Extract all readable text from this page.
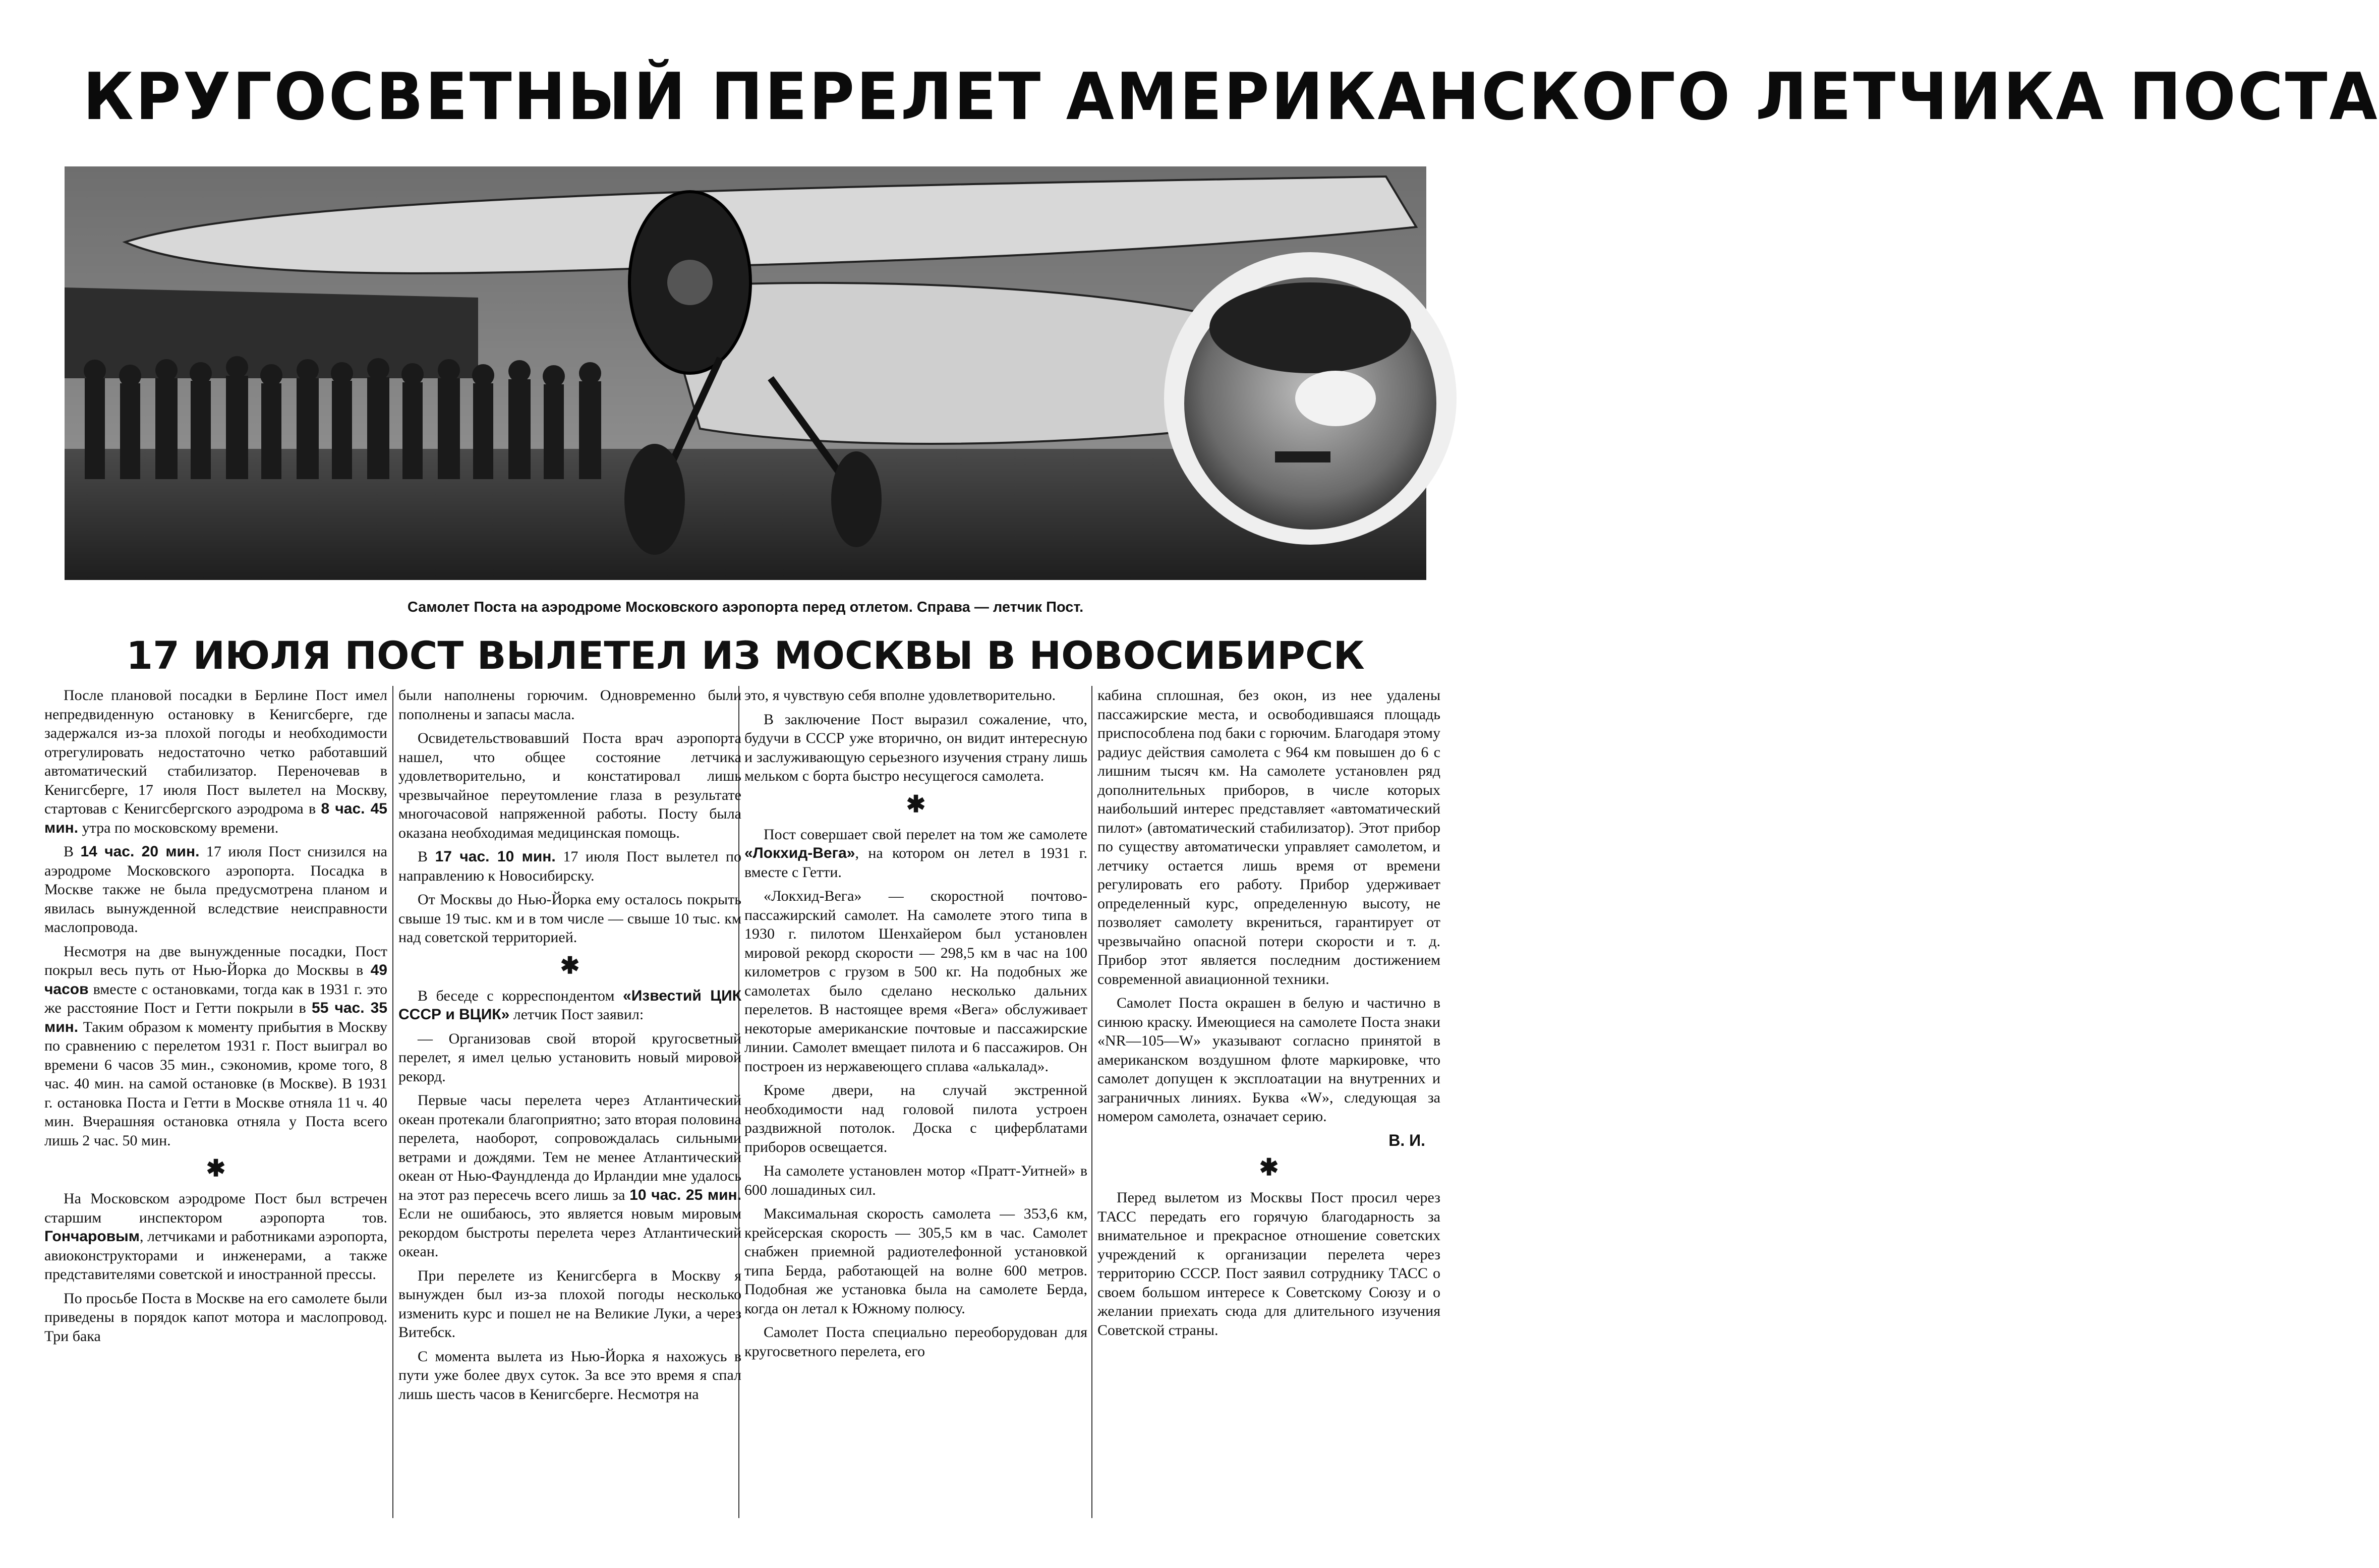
КРУГОСВЕТНЫЙ ПЕРЕЛЕТ АМЕРИКАНСКОГО ЛЕТЧИКА ПОСТА
Самолет Поста на аэродроме Московского аэропорта перед отлетом. Справа — летчик Пост.
17 ИЮЛЯ ПОСТ ВЫЛЕТЕЛ ИЗ МОСКВЫ В НОВОСИБИРСК

После плановой посадки в Берлине Пост имел непредвиденную остановку в Кенигсберге, где задержался из-за плохой погоды и необходимости отрегулировать недостаточно четко работавший автоматический стабилизатор. Переночевав в Кенигсберге, 17 июля Пост вылетел на Москву, стартовав с Кенигсбергского аэродрома в 8 час. 45 мин. утра по московскому времени.

В 14 час. 20 мин. 17 июля Пост снизился на аэродроме Московского аэропорта. Посадка в Москве также не была предусмотрена планом и явилась вынужденной вследствие неисправности маслопровода.

Несмотря на две вынужденные посадки, Пост покрыл весь путь от Нью-Йорка до Москвы в 49 часов вместе с остановками, тогда как в 1931 г. это же расстояние Пост и Гетти покрыли в 55 час. 35 мин. Таким образом к моменту прибытия в Москву по сравнению с перелетом 1931 г. Пост выиграл во времени 6 часов 35 мин., сэкономив, кроме того, 8 час. 40 мин. на самой остановке (в Москве). В 1931 г. остановка Поста и Гетти в Москве отняла 11 ч. 40 мин. Вчерашняя остановка отняла у Поста всего лишь 2 час. 50 мин.

✱

На Московском аэродроме Пост был встречен старшим инспектором аэропорта тов. Гончаровым, летчиками и работниками аэропорта, авиоконструкторами и инженерами, а также представителями советской и иностранной прессы.

По просьбе Поста в Москве на его самолете были приведены в порядок капот мотора и маслопровод. Три бака

были наполнены горючим. Одновременно были пополнены и запасы масла.

Освидетельствовавший Поста врач аэропорта нашел, что общее состояние летчика удовлетворительно, и констатировал лишь чрезвычайное переутомление глаза в результате многочасовой напряженной работы. Посту была оказана необходимая медицинская помощь.

В 17 час. 10 мин. 17 июля Пост вылетел по направлению к Новосибирску.

От Москвы до Нью-Йорка ему осталось покрыть свыше 19 тыс. км и в том числе — свыше 10 тыс. км над советской территорией.

✱

В беседе с корреспондентом «Известий ЦИК СССР и ВЦИК» летчик Пост заявил:

— Организовав свой второй кругосветный перелет, я имел целью установить новый мировой рекорд.

Первые часы перелета через Атлантический океан протекали благоприятно; зато вторая половина перелета, наоборот, сопровождалась сильными ветрами и дождями. Тем не менее Атлантический океан от Нью-Фаундленда до Ирландии мне удалось на этот раз пересечь всего лишь за 10 час. 25 мин. Если не ошибаюсь, это является новым мировым рекордом быстроты перелета через Атлантический океан.

При перелете из Кенигсберга в Москву я вынужден был из-за плохой погоды несколько изменить курс и пошел не на Великие Луки, а через Витебск.

С момента вылета из Нью-Йорка я нахожусь в пути уже более двух суток. За все это время я спал лишь шесть часов в Кенигсберге. Несмотря на

это, я чувствую себя вполне удовлетворительно.

В заключение Пост выразил сожаление, что, будучи в СССР уже вторично, он видит интересную и заслуживающую серьезного изучения страну лишь мельком с борта быстро несущегося самолета.

✱

Пост совершает свой перелет на том же самолете «Локхид-Вега», на котором он летел в 1931 г. вместе с Гетти.

«Локхид-Вега» — скоростной почтово-пассажирский самолет. На самолете этого типа в 1930 г. пилотом Шенхайером был установлен мировой рекорд скорости — 298,5 км в час на 100 километров с грузом в 500 кг. На подобных же самолетах было сделано несколько дальних перелетов. В настоящее время «Вега» обслуживает некоторые американские почтовые и пассажирские линии. Самолет вмещает пилота и 6 пассажиров. Он построен из нержавеющего сплава «алькалад».

Кроме двери, на случай экстренной необходимости над головой пилота устроен раздвижной потолок. Доска с циферблатами приборов освещается.

На самолете установлен мотор «Пратт-Уитней» в 600 лошадиных сил.

Максимальная скорость самолета — 353,6 км, крейсерская скорость — 305,5 км в час. Самолет снабжен приемной радиотелефонной установкой типа Берда, работающей на волне 600 метров. Подобная же установка была на самолете Берда, когда он летал к Южному полюсу.

Самолет Поста специально переоборудован для кругосветного перелета, его

кабина сплошная, без окон, из нее удалены пассажирские места, и освободившаяся площадь приспособлена под баки с горючим. Благодаря этому радиус действия самолета с 964 км повышен до 6 с лишним тысяч км. На самолете установлен ряд дополнительных приборов, в числе которых наибольший интерес представляет «автоматический пилот» (автоматический стабилизатор). Этот прибор по существу автоматически управляет самолетом, и летчику остается лишь время от времени регулировать его работу. Прибор удерживает определенный курс, определенную высоту, не позволяет самолету вкрениться, гарантирует от чрезвычайно опасной потери скорости и т. д. Прибор этот является последним достижением современной авиационной техники.

Самолет Поста окрашен в белую и частично в синюю краску. Имеющиеся на самолете Поста знаки «NR—105—W» указывают согласно принятой в американском воздушном флоте маркировке, что самолет допущен к эксплоатации на внутренних и заграничных линиях. Буква «W», следующая за номером самолета, означает серию.

В. И.
✱

Перед вылетом из Москвы Пост просил через ТАСС передать его горячую благодарность за внимательное и прекрасное отношение советских учреждений к организации перелета через территорию СССР. Пост заявил сотруднику ТАСС о своем большом интересе к Советскому Союзу и о желании приехать сюда для длительного изучения Советской страны.
